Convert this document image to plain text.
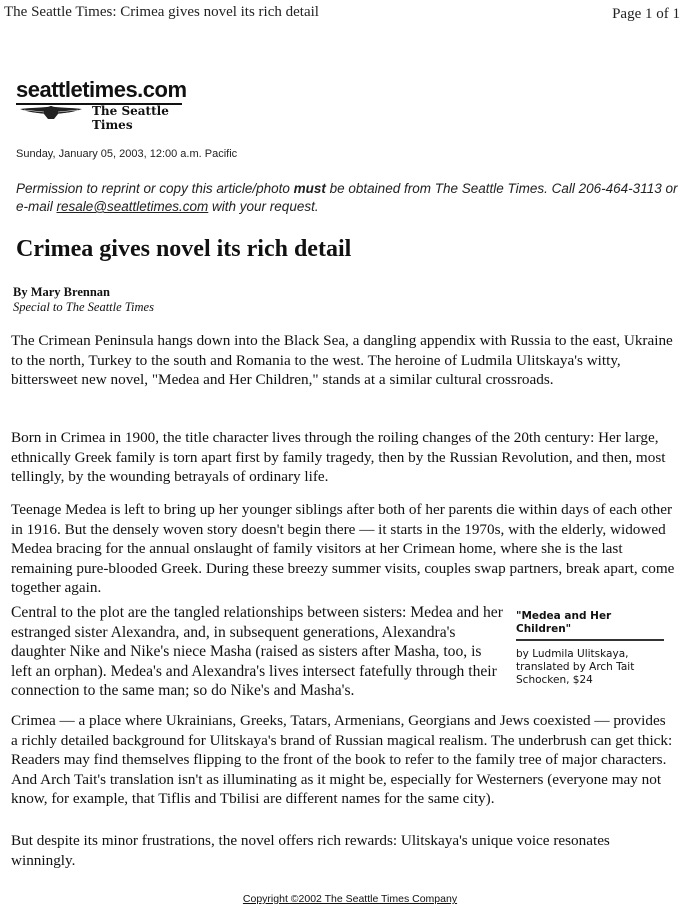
The Seattle Times: Crimea gives novel its rich detail	Page 1 of 1
seattletimes.com
The Seattle Times
Sunday, January 05, 2003, 12:00 a.m. Pacific
Permission to reprint or copy this article/photo must be obtained from The Seattle Times. Call 206-464-3113 or e-mail resale@seattletimes.com with your request.
Crimea gives novel its rich detail
By Mary Brennan
Special to The Seattle Times
The Crimean Peninsula hangs down into the Black Sea, a dangling appendix with Russia to the east, Ukraine to the north, Turkey to the south and Romania to the west. The heroine of Ludmila Ulitskaya's witty, bittersweet new novel, "Medea and Her Children," stands at a similar cultural crossroads.
Born in Crimea in 1900, the title character lives through the roiling changes of the 20th century: Her large, ethnically Greek family is torn apart first by family tragedy, then by the Russian Revolution, and then, most tellingly, by the wounding betrayals of ordinary life.
Teenage Medea is left to bring up her younger siblings after both of her parents die within days of each other in 1916. But the densely woven story doesn't begin there — it starts in the 1970s, with the elderly, widowed Medea bracing for the annual onslaught of family visitors at her Crimean home, where she is the last remaining pure-blooded Greek. During these breezy summer visits, couples swap partners, break apart, come together again.
Central to the plot are the tangled relationships between sisters: Medea and her estranged sister Alexandra, and, in subsequent generations, Alexandra's daughter Nike and Nike's niece Masha (raised as sisters after Masha, too, is left an orphan). Medea's and Alexandra's lives intersect fatefully through their connection to the same man; so do Nike's and Masha's.
"Medea and Her Children"
by Ludmila Ulitskaya,
translated by Arch Tait
Schocken, $24
Crimea — a place where Ukrainians, Greeks, Tatars, Armenians, Georgians and Jews coexisted — provides a richly detailed background for Ulitskaya's brand of Russian magical realism. The underbrush can get thick: Readers may find themselves flipping to the front of the book to refer to the family tree of major characters. And Arch Tait's translation isn't as illuminating as it might be, especially for Westerners (everyone may not know, for example, that Tiflis and Tbilisi are different names for the same city).
But despite its minor frustrations, the novel offers rich rewards: Ulitskaya's unique voice resonates winningly.
Copyright ©2002 The Seattle Times Company
